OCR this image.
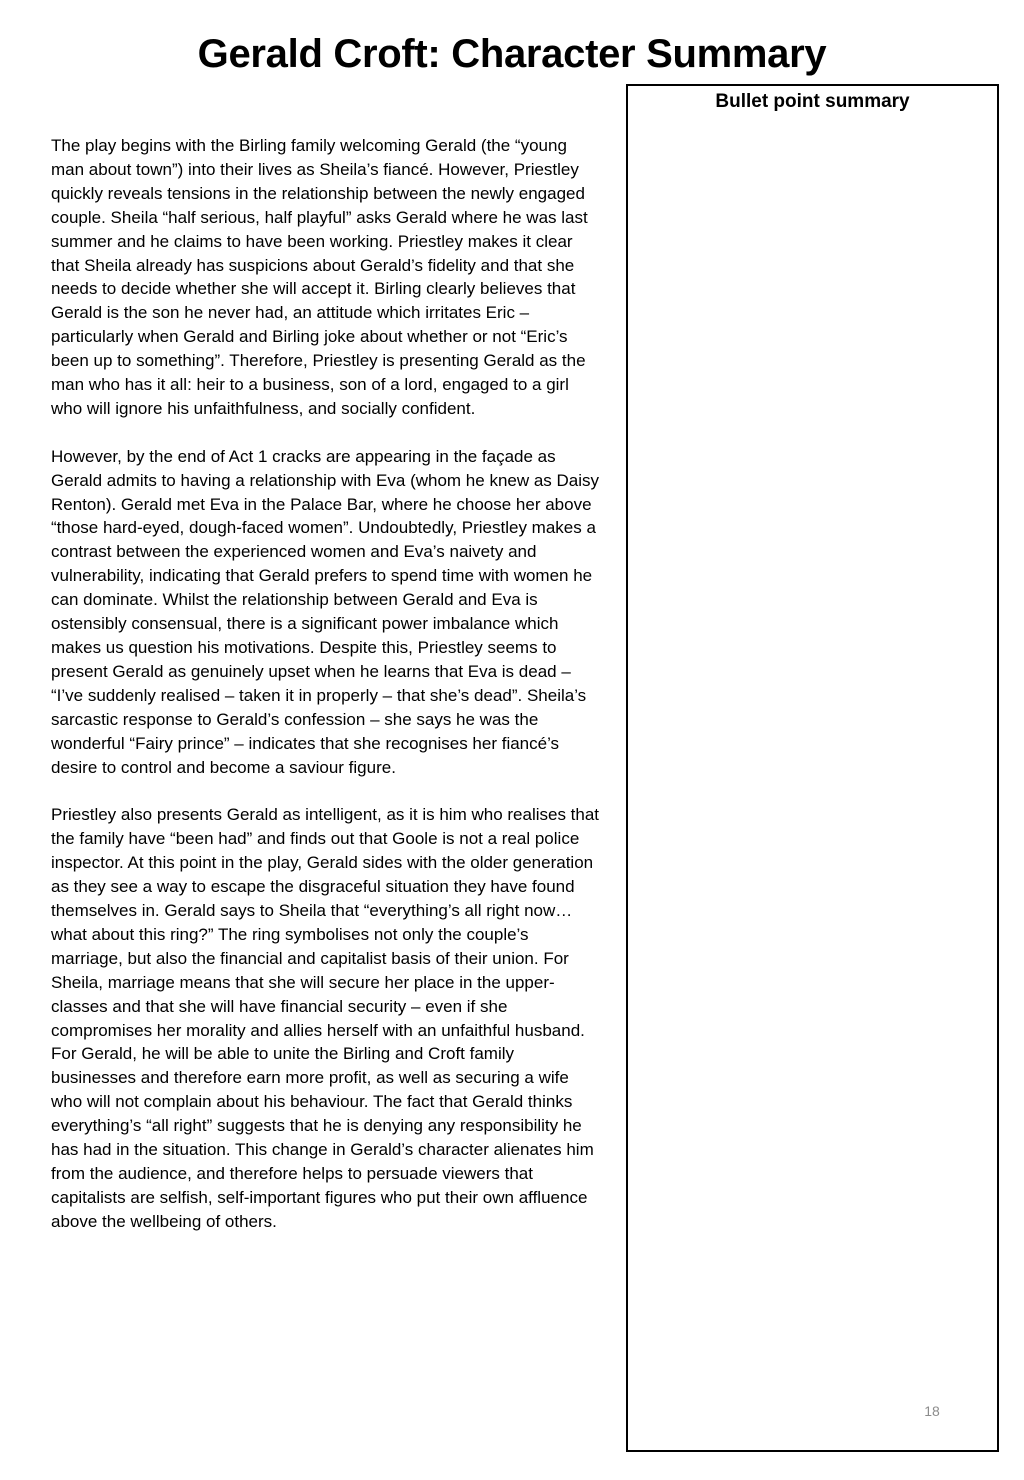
Gerald Croft: Character Summary

The play begins with the Birling family welcoming Gerald (the “young man about town”) into their lives as Sheila’s fiancé. However, Priestley quickly reveals tensions in the relationship between the newly engaged couple. Sheila “half serious, half playful” asks Gerald where he was last summer and he claims to have been working. Priestley makes it clear that Sheila already has suspicions about Gerald’s fidelity and that she needs to decide whether she will accept it. Birling clearly believes that Gerald is the son he never had, an attitude which irritates Eric – particularly when Gerald and Birling joke about whether or not “Eric’s been up to something”. Therefore, Priestley is presenting Gerald as the man who has it all: heir to a business, son of a lord, engaged to a girl who will ignore his unfaithfulness, and socially confident.

However, by the end of Act 1 cracks are appearing in the façade as Gerald admits to having a relationship with Eva (whom he knew as Daisy Renton). Gerald met Eva in the Palace Bar, where he choose her above “those hard-eyed, dough-faced women”. Undoubtedly, Priestley makes a contrast between the experienced women and Eva’s naivety and vulnerability, indicating that Gerald prefers to spend time with women he can dominate. Whilst the relationship between Gerald and Eva is ostensibly consensual, there is a significant power imbalance which makes us question his motivations. Despite this, Priestley seems to present Gerald as genuinely upset when he learns that Eva is dead – “I’ve suddenly realised – taken it in properly – that she’s dead”. Sheila’s sarcastic response to Gerald’s confession – she says he was the wonderful “Fairy prince” – indicates that she recognises her fiancé’s desire to control and become a saviour figure.

Priestley also presents Gerald as intelligent, as it is him who realises that the family have “been had” and finds out that Goole is not a real police inspector. At this point in the play, Gerald sides with the older generation as they see a way to escape the disgraceful situation they have found themselves in. Gerald says to Sheila that “everything’s all right now… what about this ring?” The ring symbolises not only the couple’s marriage, but also the financial and capitalist basis of their union. For Sheila, marriage means that she will secure her place in the upper-classes and that she will have financial security – even if she compromises her morality and allies herself with an unfaithful husband. For Gerald, he will be able to unite the Birling and Croft family businesses and therefore earn more profit, as well as securing a wife who will not complain about his behaviour. The fact that Gerald thinks everything’s “all right” suggests that he is denying any responsibility he has had in the situation. This change in Gerald’s character alienates him from the audience, and therefore helps to persuade viewers that capitalists are selfish, self-important figures who put their own affluence above the wellbeing of others.

Bullet point summary
18
